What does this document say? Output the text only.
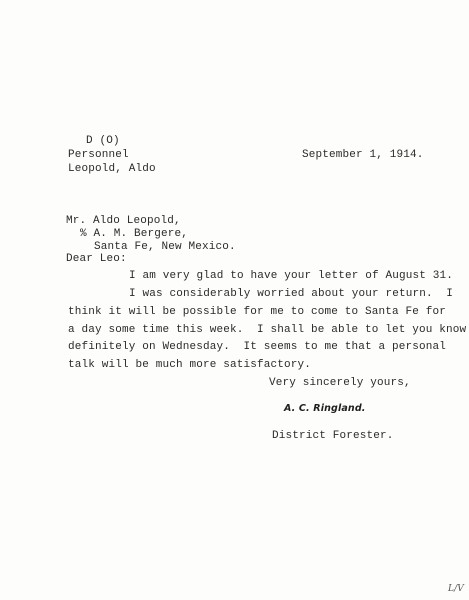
D (O)
Personnel
Leopold, Aldo
September 1, 1914.
Mr. Aldo Leopold,
% A. M. Bergere,
Santa Fe, New Mexico.
Dear Leo:
I am very glad to have your letter of August 31.
I was considerably worried about your return.  I
think it will be possible for me to come to Santa Fe for
a day some time this week.  I shall be able to let you know
definitely on Wednesday.  It seems to me that a personal
talk will be much more satisfactory.
Very sincerely yours,
A. C. Ringland.
District Forester.
L/V
